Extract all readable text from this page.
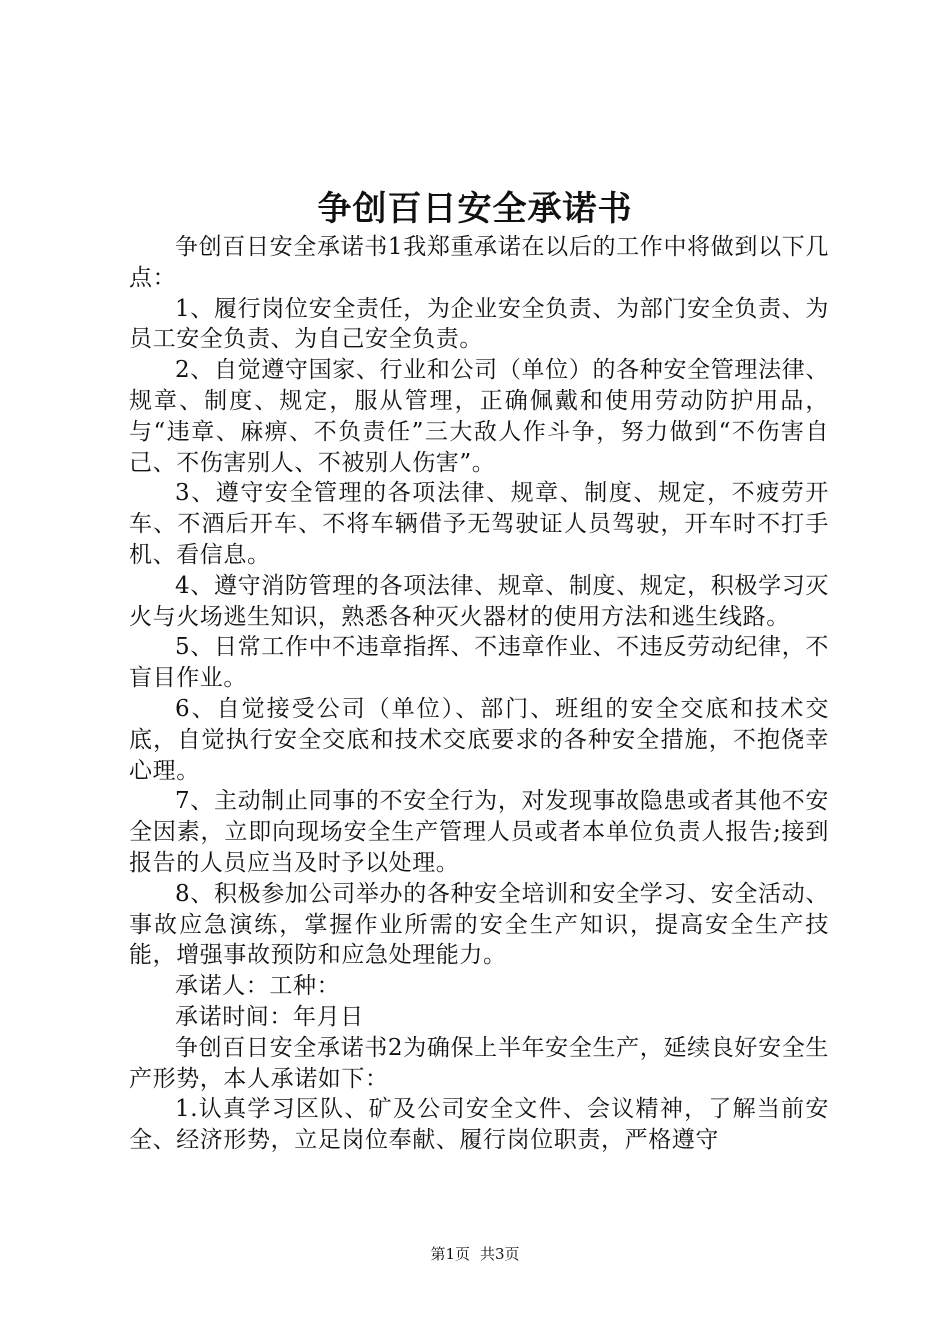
争创百日安全承诺书

争创百日安全承诺书1我郑重承诺在以后的工作中将做到以下几点：

1、履行岗位安全责任，为企业安全负责、为部门安全负责、为员工安全负责、为自己安全负责。

2、自觉遵守国家、行业和公司（单位）的各种安全管理法律、规章、制度、规定，服从管理，正确佩戴和使用劳动防护用品，与“违章、麻痹、不负责任”三大敌人作斗争，努力做到“不伤害自己、不伤害别人、不被别人伤害”。

3、遵守安全管理的各项法律、规章、制度、规定，不疲劳开车、不酒后开车、不将车辆借予无驾驶证人员驾驶，开车时不打手机、看信息。

4、遵守消防管理的各项法律、规章、制度、规定，积极学习灭火与火场逃生知识，熟悉各种灭火器材的使用方法和逃生线路。

5、日常工作中不违章指挥、不违章作业、不违反劳动纪律，不盲目作业。

6、自觉接受公司（单位）、部门、班组的安全交底和技术交底，自觉执行安全交底和技术交底要求的各种安全措施，不抱侥幸心理。

7、主动制止同事的不安全行为，对发现事故隐患或者其他不安全因素，立即向现场安全生产管理人员或者本单位负责人报告;接到报告的人员应当及时予以处理。

8、积极参加公司举办的各种安全培训和安全学习、安全活动、事故应急演练，掌握作业所需的安全生产知识，提高安全生产技能，增强事故预防和应急处理能力。

承诺人：工种：

承诺时间：年月日

争创百日安全承诺书2为确保上半年安全生产，延续良好安全生产形势，本人承诺如下：

1.认真学习区队、矿及公司安全文件、会议精神，了解当前安全、经济形势，立足岗位奉献、履行岗位职责，严格遵守

第1页 共3页
